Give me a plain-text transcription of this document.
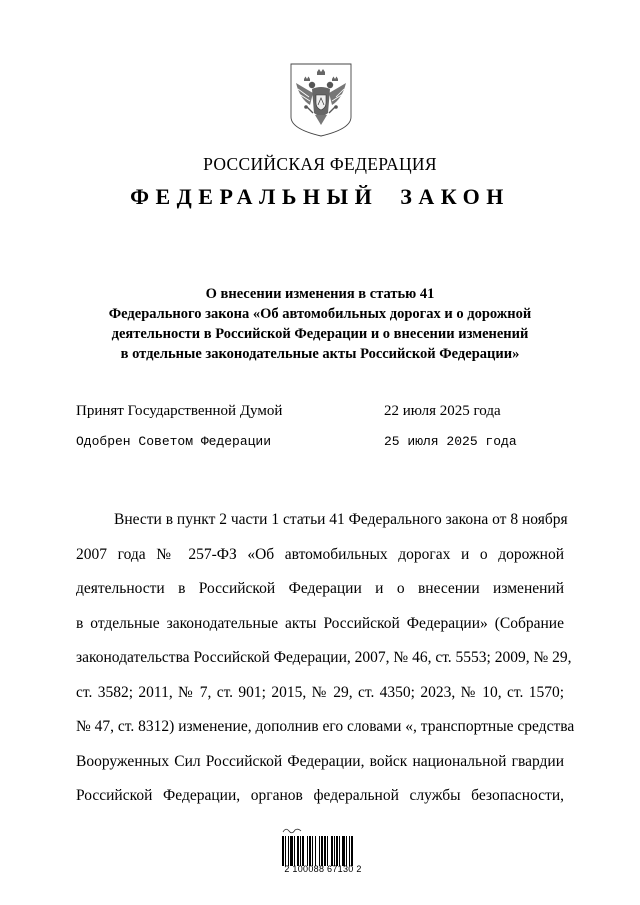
РОССИЙСКАЯ ФЕДЕРАЦИЯ
ФЕДЕРАЛЬНЫЙ ЗАКОН
О внесении изменения в статью 41
Федерального закона «Об автомобильных дорогах и о дорожной
деятельности в Российской Федерации и о внесении изменений
в отдельные законодательные акты Российской Федерации»
Принят Государственной Думой	22 июля 2025 года
Одобрен Советом Федерации	25 июля 2025 года
Внести в пункт 2 части 1 статьи 41 Федерального закона от 8 ноября
2007 года № 257-ФЗ «Об автомобильных дорогах и о дорожной
деятельности в Российской Федерации и о внесении изменений
в отдельные законодательные акты Российской Федерации» (Собрание
законодательства Российской Федерации, 2007, № 46, ст. 5553; 2009, № 29,
ст. 3582; 2011, № 7, ст. 901; 2015, № 29, ст. 4350; 2023, № 10, ст. 1570;
№ 47, ст. 8312) изменение, дополнив его словами «, транспортные средства
Вооруженных Сил Российской Федерации, войск национальной гвардии
Российской Федерации, органов федеральной службы безопасности,
2 100088 67130 2
